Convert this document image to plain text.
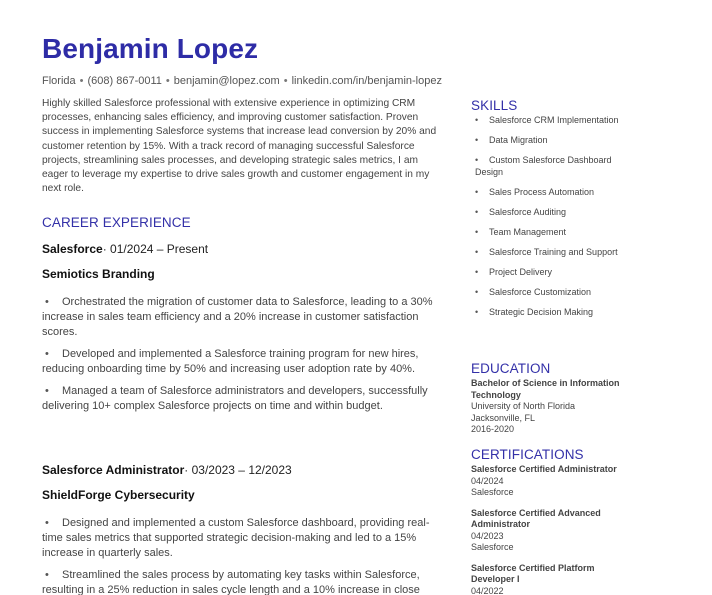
Benjamin Lopez
Florida • (608) 867-0011 • benjamin@lopez.com • linkedin.com/in/benjamin-lopez
Highly skilled Salesforce professional with extensive experience in optimizing CRM processes, enhancing sales efficiency, and improving customer satisfaction. Proven success in implementing Salesforce systems that increase lead conversion by 20% and customer retention by 15%. With a track record of managing successful Salesforce projects, streamlining sales processes, and developing strategic sales metrics, I am eager to leverage my expertise to drive sales growth and customer engagement in my next role.
CAREER EXPERIENCE
Salesforce· 01/2024 – Present
Semiotics Branding
• Orchestrated the migration of customer data to Salesforce, leading to a 30% increase in sales team efficiency and a 20% increase in customer satisfaction scores.
• Developed and implemented a Salesforce training program for new hires, reducing onboarding time by 50% and increasing user adoption rate by 40%.
• Managed a team of Salesforce administrators and developers, successfully delivering 10+ complex Salesforce projects on time and within budget.
Salesforce Administrator· 03/2023 – 12/2023
ShieldForge Cybersecurity
• Designed and implemented a custom Salesforce dashboard, providing real-time sales metrics that supported strategic decision-making and led to a 15% increase in quarterly sales.
• Streamlined the sales process by automating key tasks within Salesforce, resulting in a 25% reduction in sales cycle length and a 10% increase in close
SKILLS
• Salesforce CRM Implementation
• Data Migration
• Custom Salesforce Dashboard Design
• Sales Process Automation
• Salesforce Auditing
• Team Management
• Salesforce Training and Support
• Project Delivery
• Salesforce Customization
• Strategic Decision Making
EDUCATION
Bachelor of Science in Information Technology
University of North Florida
Jacksonville, FL
2016-2020
CERTIFICATIONS
Salesforce Certified Administrator
04/2024
Salesforce
Salesforce Certified Advanced Administrator
04/2023
Salesforce
Salesforce Certified Platform Developer I
04/2022
